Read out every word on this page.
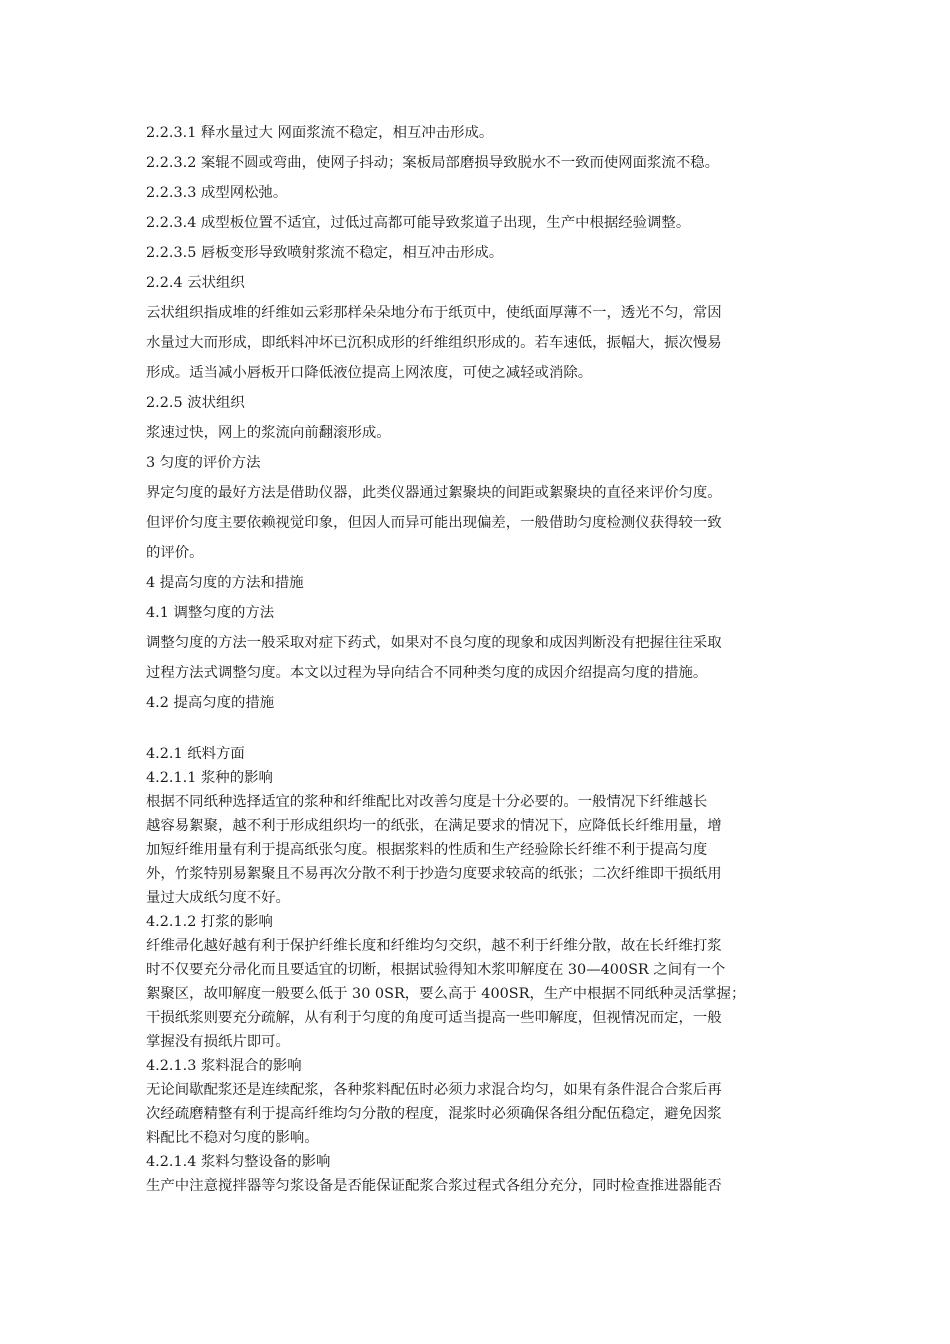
2.2.3.1 释水量过大 网面浆流不稳定，相互冲击形成。

2.2.3.2 案辊不圆或弯曲，使网子抖动；案板局部磨损导致脱水不一致而使网面浆流不稳。

2.2.3.3 成型网松弛。

2.2.3.4 成型板位置不适宜，过低过高都可能导致浆道子出现，生产中根据经验调整。

2.2.3.5 唇板变形导致喷射浆流不稳定，相互冲击形成。

2.2.4 云状组织

云状组织指成堆的纤维如云彩那样朵朵地分布于纸页中，使纸面厚薄不一，透光不匀，常因

水量过大而形成，即纸料冲坏已沉积成形的纤维组织形成的。若车速低，振幅大，振次慢易

形成。适当减小唇板开口降低液位提高上网浓度，可使之减轻或消除。

2.2.5 波状组织

浆速过快，网上的浆流向前翻滚形成。

3 匀度的评价方法

界定匀度的最好方法是借助仪器，此类仪器通过絮聚块的间距或絮聚块的直径来评价匀度。

但评价匀度主要依赖视觉印象，但因人而异可能出现偏差，一般借助匀度检测仪获得较一致

的评价。

4 提高匀度的方法和措施

4.1 调整匀度的方法

调整匀度的方法一般采取对症下药式，如果对不良匀度的现象和成因判断没有把握往往采取

过程方法式调整匀度。本文以过程为导向结合不同种类匀度的成因介绍提高匀度的措施。

4.2 提高匀度的措施

4.2.1 纸料方面

4.2.1.1 浆种的影响

根据不同纸种选择适宜的浆种和纤维配比对改善匀度是十分必要的。一般情况下纤维越长

越容易絮聚，越不利于形成组织均一的纸张，在满足要求的情况下，应降低长纤维用量，增

加短纤维用量有利于提高纸张匀度。根据浆料的性质和生产经验除长纤维不利于提高匀度

外，竹浆特别易絮聚且不易再次分散不利于抄造匀度要求较高的纸张；二次纤维即干损纸用

量过大成纸匀度不好。

4.2.1.2 打浆的影响

纤维帚化越好越有利于保护纤维长度和纤维均匀交织，越不利于纤维分散，故在长纤维打浆

时不仅要充分帚化而且要适宜的切断，根据试验得知木浆叩解度在 30—400SR 之间有一个

絮聚区，故叩解度一般要么低于 30 0SR，要么高于 400SR，生产中根据不同纸种灵活掌握；

干损纸浆则要充分疏解，从有利于匀度的角度可适当提高一些叩解度，但视情况而定，一般

掌握没有损纸片即可。

4.2.1.3 浆料混合的影响

无论间歇配浆还是连续配浆，各种浆料配伍时必须力求混合均匀，如果有条件混合合浆后再

次经疏磨精整有利于提高纤维均匀分散的程度，混浆时必须确保各组分配伍稳定，避免因浆

料配比不稳对匀度的影响。

4.2.1.4 浆料匀整设备的影响

生产中注意搅拌器等匀浆设备是否能保证配浆合浆过程式各组分充分，同时检查推进器能否
